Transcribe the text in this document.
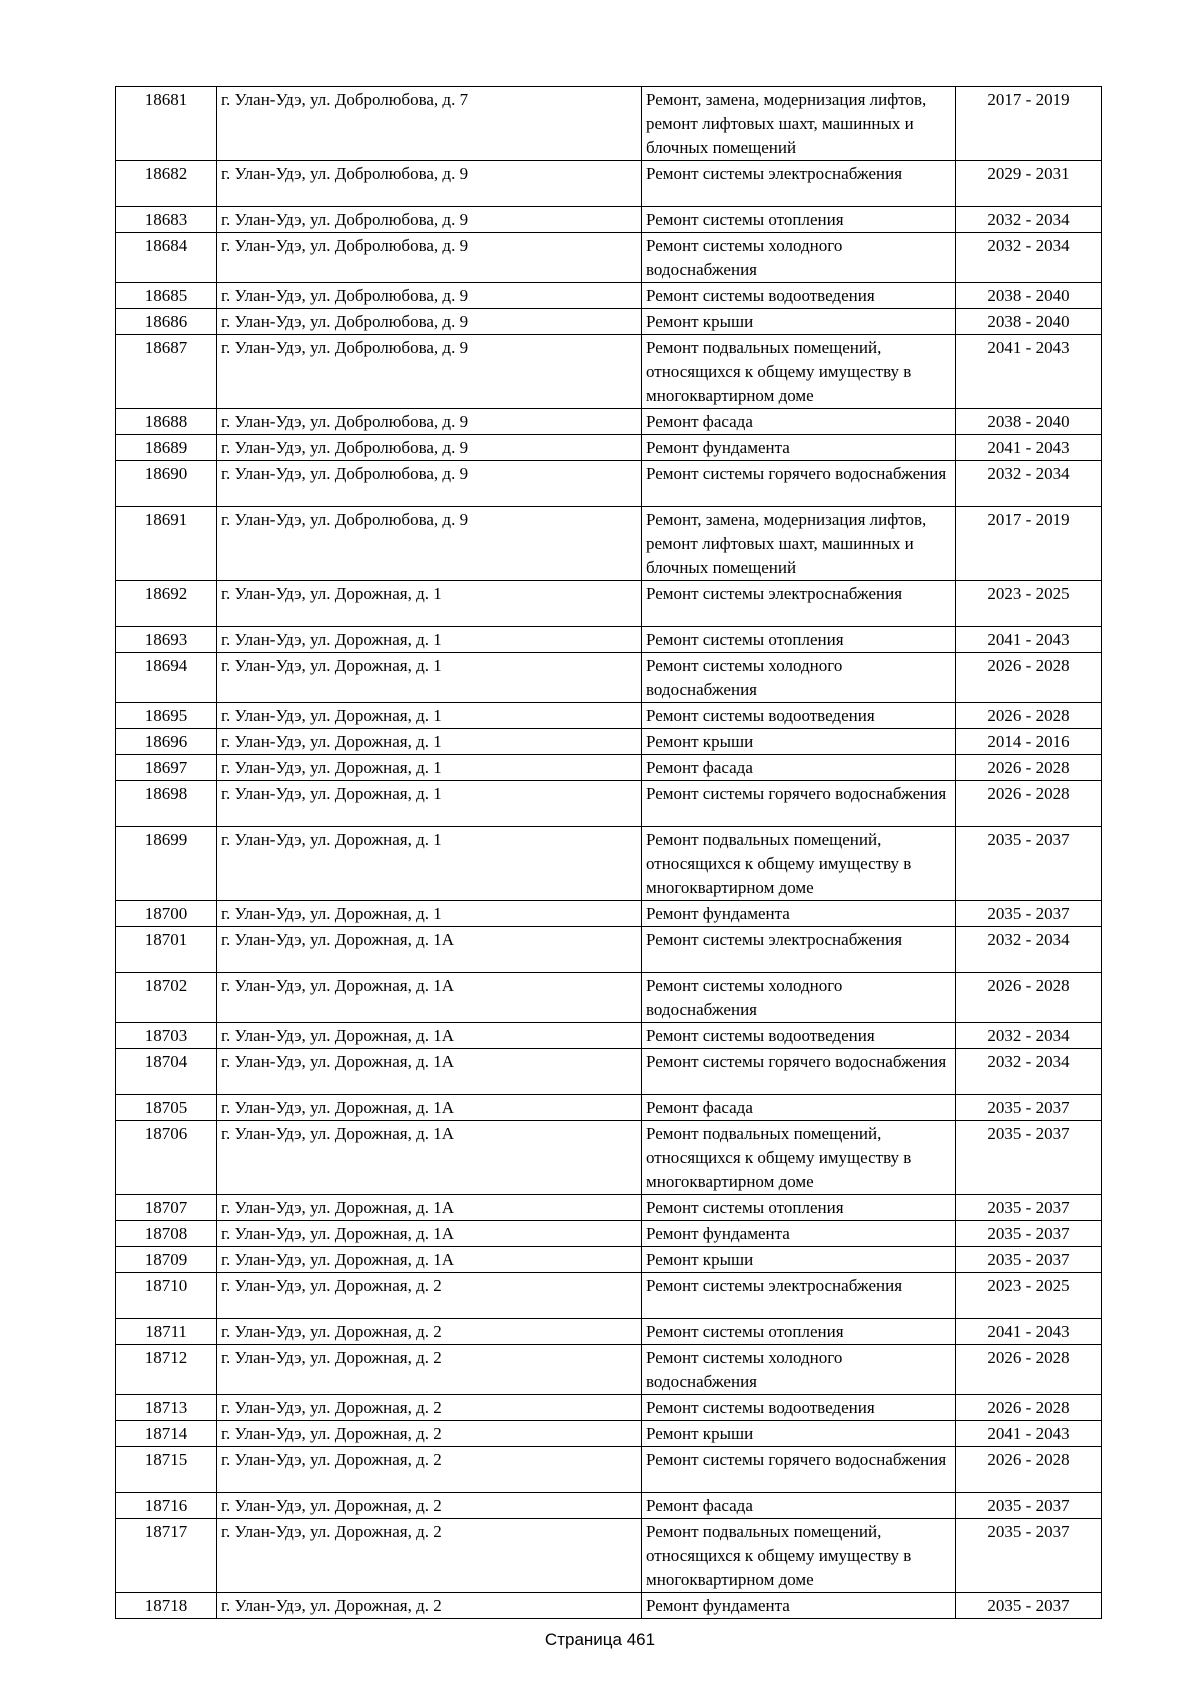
18681	г. Улан-Удэ, ул. Добролюбова, д. 7	Ремонт, замена, модернизация лифтов, ремонт лифтовых шахт, машинных и блочных помещений	2017 - 2019
18682	г. Улан-Удэ, ул. Добролюбова, д. 9	Ремонт системы электроснабжения	2029 - 2031
18683	г. Улан-Удэ, ул. Добролюбова, д. 9	Ремонт системы отопления	2032 - 2034
18684	г. Улан-Удэ, ул. Добролюбова, д. 9	Ремонт системы холодного водоснабжения	2032 - 2034
18685	г. Улан-Удэ, ул. Добролюбова, д. 9	Ремонт системы водоотведения	2038 - 2040
18686	г. Улан-Удэ, ул. Добролюбова, д. 9	Ремонт крыши	2038 - 2040
18687	г. Улан-Удэ, ул. Добролюбова, д. 9	Ремонт подвальных помещений, относящихся к общему имуществу в многоквартирном доме	2041 - 2043
18688	г. Улан-Удэ, ул. Добролюбова, д. 9	Ремонт фасада	2038 - 2040
18689	г. Улан-Удэ, ул. Добролюбова, д. 9	Ремонт фундамента	2041 - 2043
18690	г. Улан-Удэ, ул. Добролюбова, д. 9	Ремонт системы горячего водоснабжения	2032 - 2034
18691	г. Улан-Удэ, ул. Добролюбова, д. 9	Ремонт, замена, модернизация лифтов, ремонт лифтовых шахт, машинных и блочных помещений	2017 - 2019
18692	г. Улан-Удэ, ул. Дорожная, д. 1	Ремонт системы электроснабжения	2023 - 2025
18693	г. Улан-Удэ, ул. Дорожная, д. 1	Ремонт системы отопления	2041 - 2043
18694	г. Улан-Удэ, ул. Дорожная, д. 1	Ремонт системы холодного водоснабжения	2026 - 2028
18695	г. Улан-Удэ, ул. Дорожная, д. 1	Ремонт системы водоотведения	2026 - 2028
18696	г. Улан-Удэ, ул. Дорожная, д. 1	Ремонт крыши	2014 - 2016
18697	г. Улан-Удэ, ул. Дорожная, д. 1	Ремонт фасада	2026 - 2028
18698	г. Улан-Удэ, ул. Дорожная, д. 1	Ремонт системы горячего водоснабжения	2026 - 2028
18699	г. Улан-Удэ, ул. Дорожная, д. 1	Ремонт подвальных помещений, относящихся к общему имуществу в многоквартирном доме	2035 - 2037
18700	г. Улан-Удэ, ул. Дорожная, д. 1	Ремонт фундамента	2035 - 2037
18701	г. Улан-Удэ, ул. Дорожная, д. 1А	Ремонт системы электроснабжения	2032 - 2034
18702	г. Улан-Удэ, ул. Дорожная, д. 1А	Ремонт системы холодного водоснабжения	2026 - 2028
18703	г. Улан-Удэ, ул. Дорожная, д. 1А	Ремонт системы водоотведения	2032 - 2034
18704	г. Улан-Удэ, ул. Дорожная, д. 1А	Ремонт системы горячего водоснабжения	2032 - 2034
18705	г. Улан-Удэ, ул. Дорожная, д. 1А	Ремонт фасада	2035 - 2037
18706	г. Улан-Удэ, ул. Дорожная, д. 1А	Ремонт подвальных помещений, относящихся к общему имуществу в многоквартирном доме	2035 - 2037
18707	г. Улан-Удэ, ул. Дорожная, д. 1А	Ремонт системы отопления	2035 - 2037
18708	г. Улан-Удэ, ул. Дорожная, д. 1А	Ремонт фундамента	2035 - 2037
18709	г. Улан-Удэ, ул. Дорожная, д. 1А	Ремонт крыши	2035 - 2037
18710	г. Улан-Удэ, ул. Дорожная, д. 2	Ремонт системы электроснабжения	2023 - 2025
18711	г. Улан-Удэ, ул. Дорожная, д. 2	Ремонт системы отопления	2041 - 2043
18712	г. Улан-Удэ, ул. Дорожная, д. 2	Ремонт системы холодного водоснабжения	2026 - 2028
18713	г. Улан-Удэ, ул. Дорожная, д. 2	Ремонт системы водоотведения	2026 - 2028
18714	г. Улан-Удэ, ул. Дорожная, д. 2	Ремонт крыши	2041 - 2043
18715	г. Улан-Удэ, ул. Дорожная, д. 2	Ремонт системы горячего водоснабжения	2026 - 2028
18716	г. Улан-Удэ, ул. Дорожная, д. 2	Ремонт фасада	2035 - 2037
18717	г. Улан-Удэ, ул. Дорожная, д. 2	Ремонт подвальных помещений, относящихся к общему имуществу в многоквартирном доме	2035 - 2037
18718	г. Улан-Удэ, ул. Дорожная, д. 2	Ремонт фундамента	2035 - 2037
Страница 461
